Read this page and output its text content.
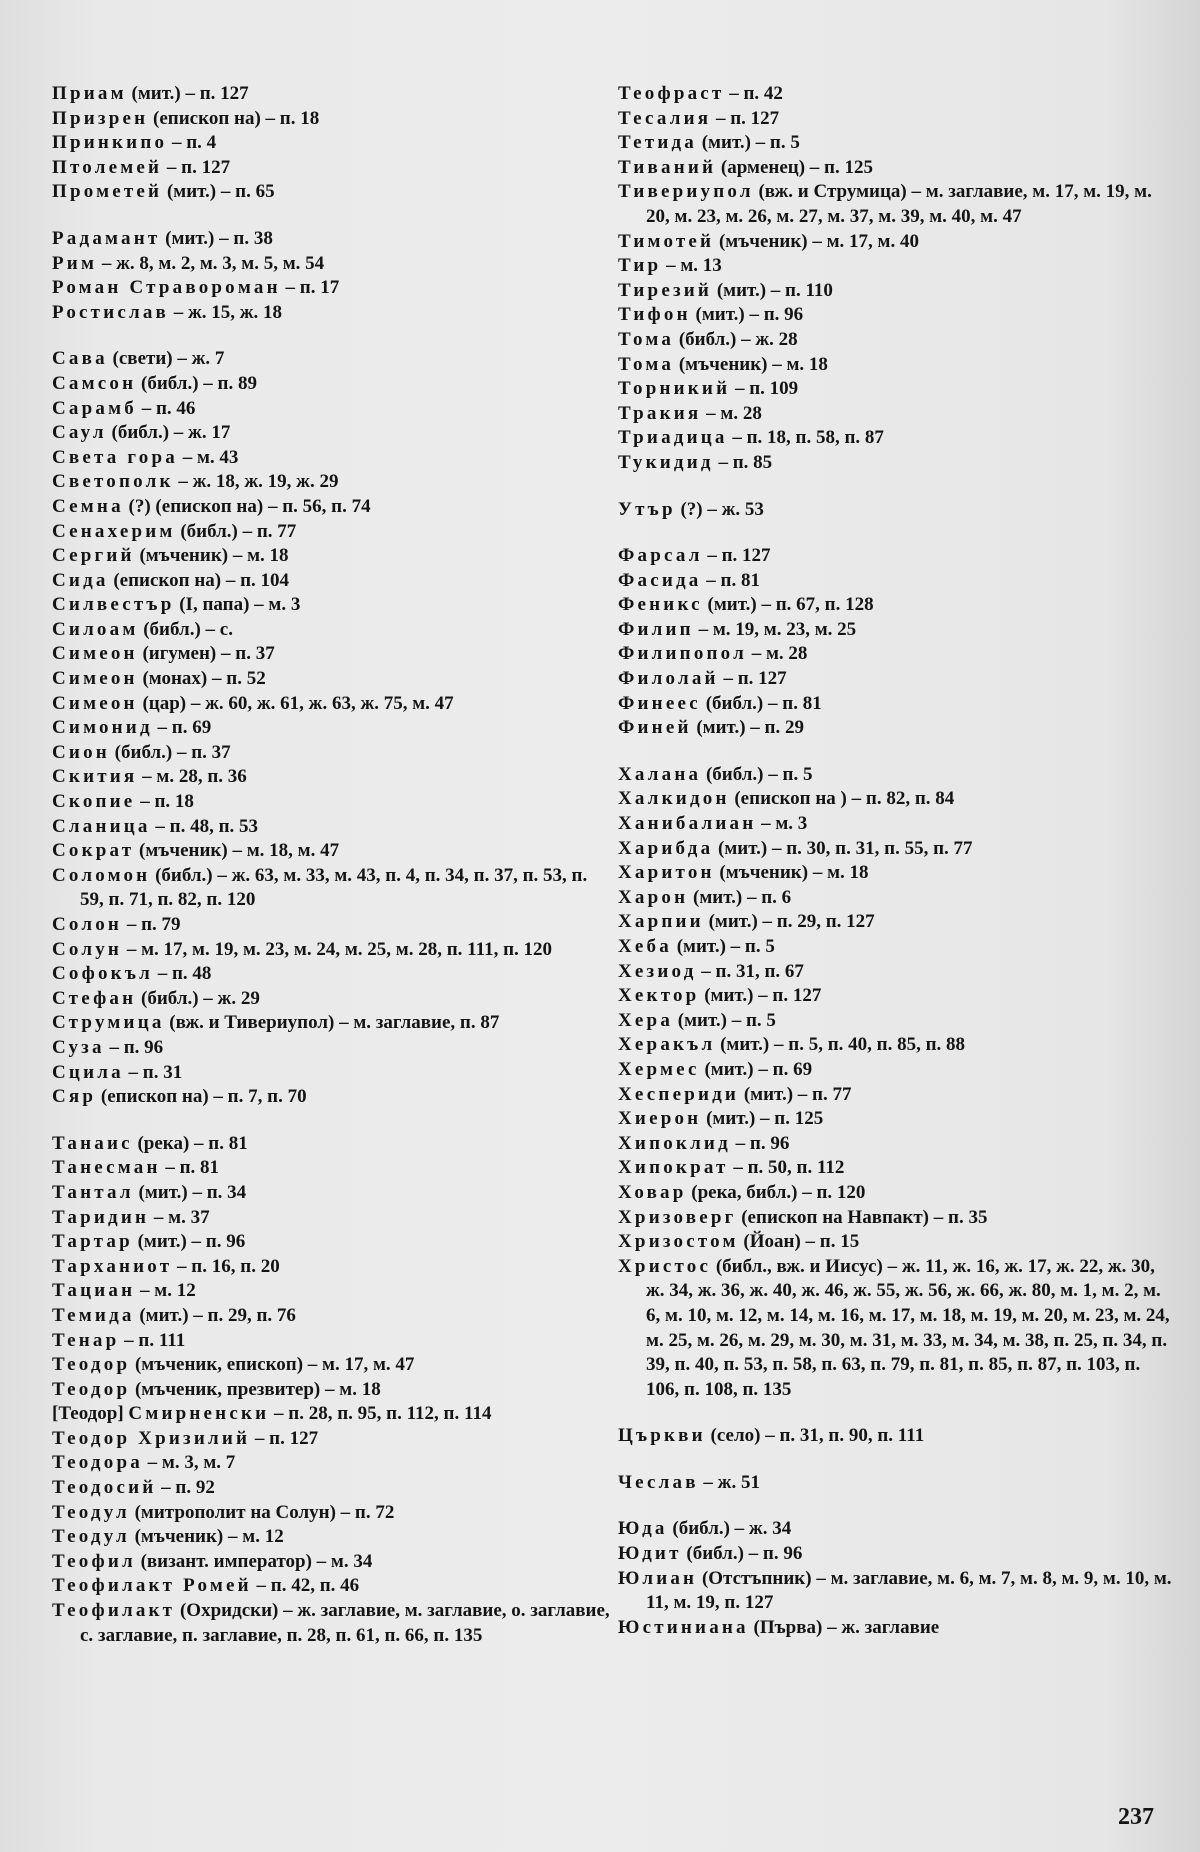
Приам (мит.) – п. 127
Призрен (епископ на) – п. 18
Принкипо – п. 4
Птолемей – п. 127
Прометей (мит.) – п. 65
Радамант (мит.) – п. 38
Рим – ж. 8, м. 2, м. 3, м. 5, м. 54
Роман Страворoман – п. 17
Ростислав – ж. 15, ж. 18
Сава (свети) – ж. 7
Самсон (библ.) – п. 89
Сарамб – п. 46
Саул (библ.) – ж. 17
Света гора – м. 43
Светополк – ж. 18, ж. 19, ж. 29
Семна (?) (епископ на) – п. 56, п. 74
Сенахерим (библ.) – п. 77
Сергий (мъченик) – м. 18
Сида (епископ на) – п. 104
Силвестър (І, папа) – м. 3
Силоам (библ.) – с.
Симеон (игумен) – п. 37
Симеон (монах) – п. 52
Симеон (цар) – ж. 60, ж. 61, ж. 63, ж. 75, м. 47
Симонид – п. 69
Сион (библ.) – п. 37
Скития – м. 28, п. 36
Скопие – п. 18
Сланица – п. 48, п. 53
Сократ (мъченик) – м. 18, м. 47
Соломон (библ.) – ж. 63, м. 33, м. 43, п. 4, п. 34, п. 37, п. 53, п. 59, п. 71, п. 82, п. 120
Солон – п. 79
Солун – м. 17, м. 19, м. 23, м. 24, м. 25, м. 28, п. 111, п. 120
Софокъл – п. 48
Стефан (библ.) – ж. 29
Струмица (вж. и Тивериупол) – м. заглавие, п. 87
Суза – п. 96
Сцила – п. 31
Сяр (епископ на) – п. 7, п. 70
Танаис (река) – п. 81
Танесман – п. 81
Тантал (мит.) – п. 34
Таридин – м. 37
Тартар (мит.) – п. 96
Тарханиот – п. 16, п. 20
Тациан – м. 12
Темида (мит.) – п. 29, п. 76
Тенар – п. 111
Теодор (мъченик, епископ) – м. 17, м. 47
Теодор (мъченик, презвитер) – м. 18
[Теодор] Смирненски – п. 28, п. 95, п. 112, п. 114
Теодор Хризилий – п. 127
Теодора – м. 3, м. 7
Теодосий – п. 92
Теодул (митрополит на Солун) – п. 72
Теодул (мъченик) – м. 12
Теофил (визант. император) – м. 34
Теофилакт Ромей – п. 42, п. 46
Теофилакт (Охридски) – ж. заглавие, м. заглавие, о. заглавие, с. заглавие, п. заглавие, п. 28, п. 61, п. 66, п. 135
Теофраст – п. 42
Тесалия – п. 127
Тетида (мит.) – п. 5
Тиваний (арменец) – п. 125
Тивериупол (вж. и Струмица) – м. заглавие, м. 17, м. 19, м. 20, м. 23, м. 26, м. 27, м. 37, м. 39, м. 40, м. 47
Тимотей (мъченик) – м. 17, м. 40
Тир – м. 13
Тирезий (мит.) – п. 110
Тифон (мит.) – п. 96
Тома (библ.) – ж. 28
Тома (мъченик) – м. 18
Торникий – п. 109
Тракия – м. 28
Триадица – п. 18, п. 58, п. 87
Тукидид – п. 85
Утър (?) – ж. 53
Фарсал – п. 127
Фасида – п. 81
Феникс (мит.) – п. 67, п. 128
Филип – м. 19, м. 23, м. 25
Филипопол – м. 28
Филолай – п. 127
Финеес (библ.) – п. 81
Финей (мит.) – п. 29
Халана (библ.) – п. 5
Халкидон (епископ на ) – п. 82, п. 84
Ханибалиан – м. 3
Харибда (мит.) – п. 30, п. 31, п. 55, п. 77
Харитон (мъченик) – м. 18
Харон (мит.) – п. 6
Харпии (мит.) – п. 29, п. 127
Хеба (мит.) – п. 5
Хезиод – п. 31, п. 67
Хектор (мит.) – п. 127
Хера (мит.) – п. 5
Херакъл (мит.) – п. 5, п. 40, п. 85, п. 88
Хермес (мит.) – п. 69
Хеспериди (мит.) – п. 77
Хиерон (мит.) – п. 125
Хипоклид – п. 96
Хипократ – п. 50, п. 112
Ховар (река, библ.) – п. 120
Хризоверг (епископ на Навпакт) – п. 35
Хризостом (Йоан) – п. 15
Христос (библ., вж. и Иисус) – ж. 11, ж. 16, ж. 17, ж. 22, ж. 30, ж. 34, ж. 36, ж. 40, ж. 46, ж. 55, ж. 56, ж. 66, ж. 80, м. 1, м. 2, м. 6, м. 10, м. 12, м. 14, м. 16, м. 17, м. 18, м. 19, м. 20, м. 23, м. 24, м. 25, м. 26, м. 29, м. 30, м. 31, м. 33, м. 34, м. 38, п. 25, п. 34, п. 39, п. 40, п. 53, п. 58, п. 63, п. 79, п. 81, п. 85, п. 87, п. 103, п. 106, п. 108, п. 135
Църкви (село) – п. 31, п. 90, п. 111
Чеслав – ж. 51
Юда (библ.) – ж. 34
Юдит (библ.) – п. 96
Юлиан (Отстъпник) – м. заглавие, м. 6, м. 7, м. 8, м. 9, м. 10, м. 11, м. 19, п. 127
Юстиниана (Първа) – ж. заглавие
237
